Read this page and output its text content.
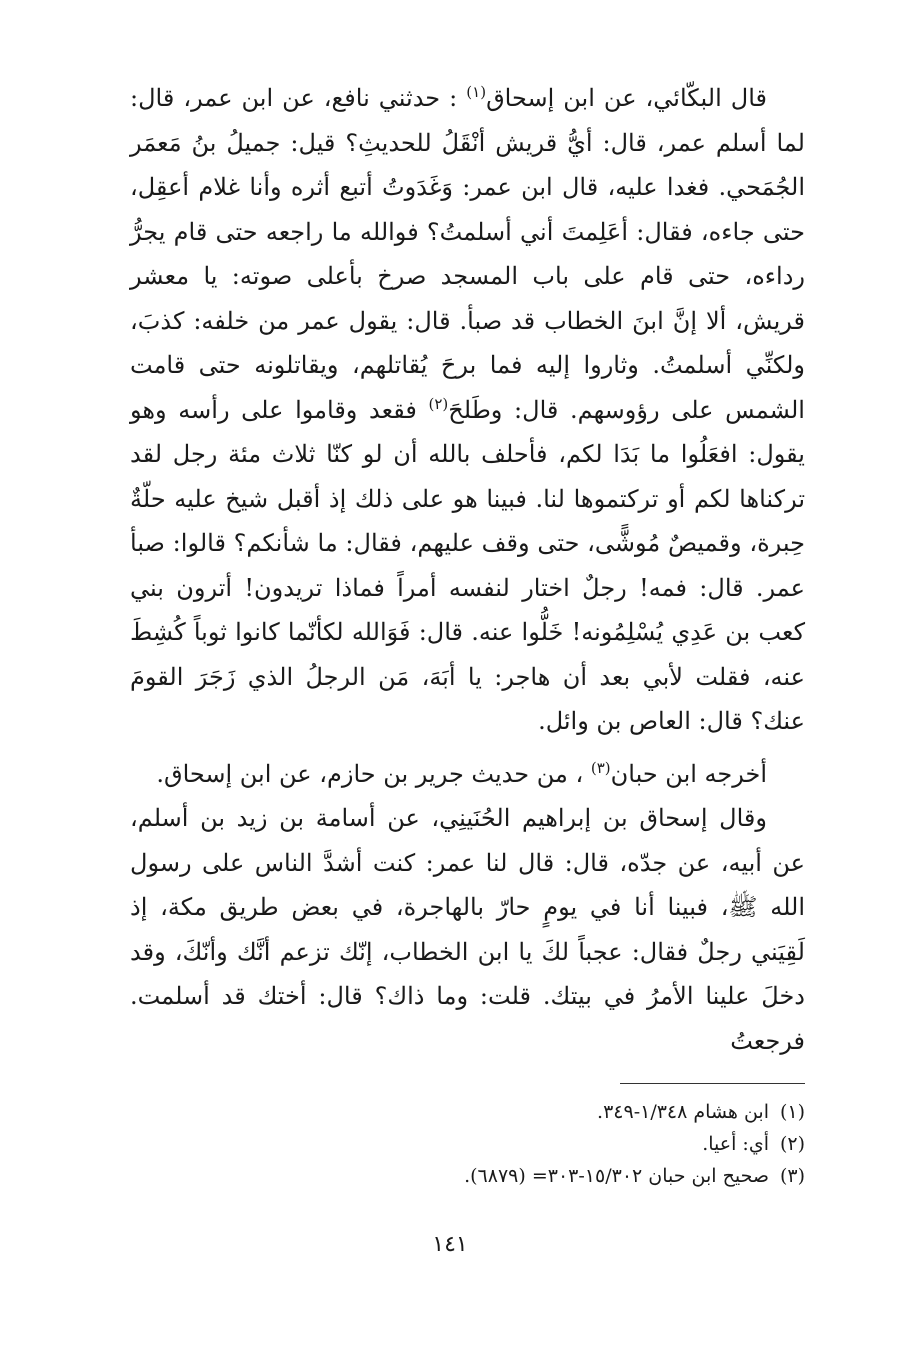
قال البكّائي، عن ابن إسحاق$^{(١)}$ : حدثني نافع، عن ابن عمر، قال: لما أسلم عمر، قال: أيُّ قريش أنْقَلُ للحديثِ؟ قيل: جميلُ بنُ مَعمَر الجُمَحي. فغدا عليه، قال ابن عمر: وَغَدَوتُ أتبع أثره وأنا غلام أعقِل، حتى جاءه، فقال: أعَلِمتَ أني أسلمتُ؟ فوالله ما راجعه حتى قام يجرُّ رداءه، حتى قام على باب المسجد صرخ بأعلى صوته: يا معشر قريش، ألا إنَّ ابنَ الخطاب قد صبأ. قال: يقول عمر من خلفه: كذبَ، ولكنِّي أسلمتُ. وثاروا إليه فما برحَ يُقاتلهم، ويقاتلونه حتى قامت الشمس على رؤوسهم. قال: وطَلحَ$^{(٢)}$ فقعد وقاموا على رأسه وهو يقول: افعَلُوا ما بَدَا لكم، فأحلف بالله أن لو كنّا ثلاث مئة رجل لقد تركناها لكم أو تركتموها لنا. فبينا هو على ذلك إذ أقبل شيخ عليه حلّةٌ حِبرة، وقميصٌ مُوشًّى، حتى وقف عليهم، فقال: ما شأنكم؟ قالوا: صبأ عمر. قال: فمه! رجلٌ اختار لنفسه أمراً فماذا تريدون! أترون بني كعب بن عَدِي يُسْلِمُونه! خَلُّوا عنه. قال: فَوَالله لكأنّما كانوا ثوباً كُشِطَ عنه، فقلت لأبي بعد أن هاجر: يا أبَهَ، مَن الرجلُ الذي زَجَرَ القومَ عنك؟ قال: العاص بن وائل.

أخرجه ابن حبان$^{(٣)}$ ، من حديث جرير بن حازم، عن ابن إسحاق.

وقال إسحاق بن إبراهيم الحُنَينِي، عن أسامة بن زيد بن أسلم، عن أبيه، عن جدّه، قال: قال لنا عمر: كنت أشدَّ الناس على رسول الله ﷺ، فبينا أنا في يومٍ حارّ بالهاجرة، في بعض طريق مكة، إذ لَقِيَني رجلٌ فقال: عجباً لكَ يا ابن الخطاب، إنّك تزعم أنَّك وأنّكَ، وقد دخلَ علينا الأمرُ في بيتك. قلت: وما ذاك؟ قال: أختك قد أسلمت. فرجعتُ

(١)ابن هشام ١/٣٤٨-٣٤٩.

(٢)أي: أعيا.

(٣)صحيح ابن حبان ١٥/٣٠٢-٣٠٣= (٦٨٧٩).

١٤١
